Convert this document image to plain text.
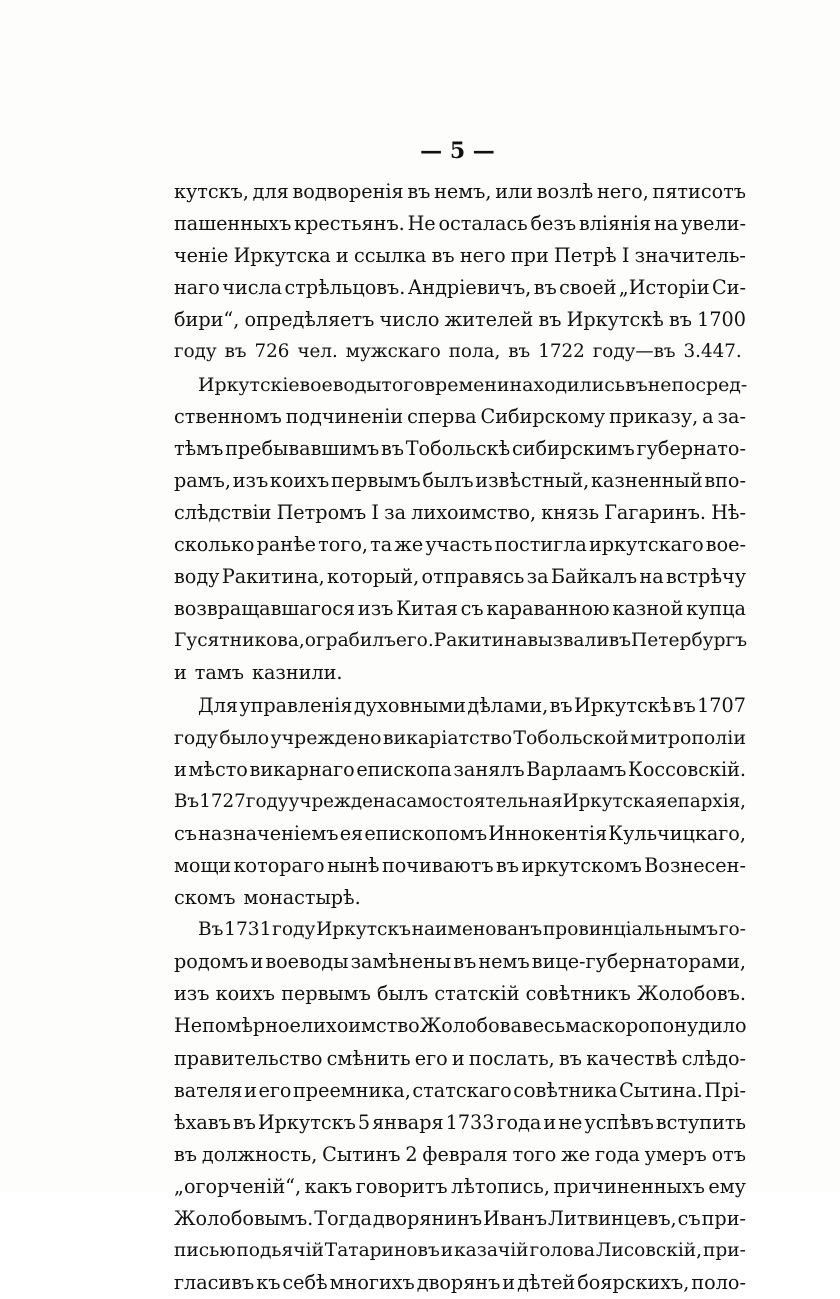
— 5 —
кутскъ, для водворенія въ немъ, или возлѣ него, пятисотъ
пашенныхъ крестьянъ. Не осталась безъ вліянія на увели-
ченіе Иркутска и ссылка въ него при Петрѣ I значитель-
наго числа стрѣльцовъ. Андріевичъ, въ своей „Исторіи Си-
бири“, опредѣляетъ число жителей въ Иркутскѣ въ 1700
году въ 726 чел. мужскаго пола, въ 1722 году—въ 3.447.
Иркутскіе воеводы того времени находились въ непосред-
ственномъ подчиненіи сперва Сибирскому приказу, а за-
тѣмъ пребывавшимъ въ Тобольскѣ сибирскимъ губернато-
рамъ, изъ коихъ первымъ былъ извѣстный, казненный впо-
слѣдствіи Петромъ I за лихоимство, князь Гагаринъ. Нѣ-
сколько ранѣе того, та же участь постигла иркутскаго вое-
воду Ракитина, который, отправясь за Байкалъ на встрѣчу
возвращавшагося изъ Китая съ караванною казной купца
Гусятникова, ограбилъ его. Ракитина вызвали въ Петербургъ
и тамъ казнили.
Для управленія духовными дѣлами, въ Иркутскѣ въ 1707
году было учреждено викаріатство Тобольской митрополіи
и мѣсто викарнаго епископа занялъ Варлаамъ Коссовскій.
Въ 1727 году учреждена самостоятельная Иркутская епархія,
съ назначеніемъ ея епископомъ Иннокентія Кульчицкаго,
мощи котораго нынѣ почиваютъ въ иркутскомъ Вознесен-
скомъ монастырѣ.
Въ 1731 году Иркутскъ наименованъ провинціальнымъ го-
родомъ и воеводы замѣнены въ немъ вице-губернаторами,
изъ коихъ первымъ былъ статскій совѣтникъ Жолобовъ.
Непомѣрное лихоимство Жолобова весьма скоро понудило
правительство смѣнить его и послать, въ качествѣ слѣдо-
вателя и его преемника, статскаго совѣтника Сытина. Прі-
ѣхавъ въ Иркутскъ 5 января 1733 года и не успѣвъ вступить
въ должность, Сытинъ 2 февраля того же года умеръ отъ
„огорченій“, какъ говоритъ лѣтопись, причиненныхъ ему
Жолобовымъ. Тогда дворянинъ Иванъ Литвинцевъ, съ при-
писью подьячій Татариновъ и казачій голова Лисовскій, при-
гласивъ къ себѣ многихъ дворянъ и дѣтей боярскихъ, поло-
